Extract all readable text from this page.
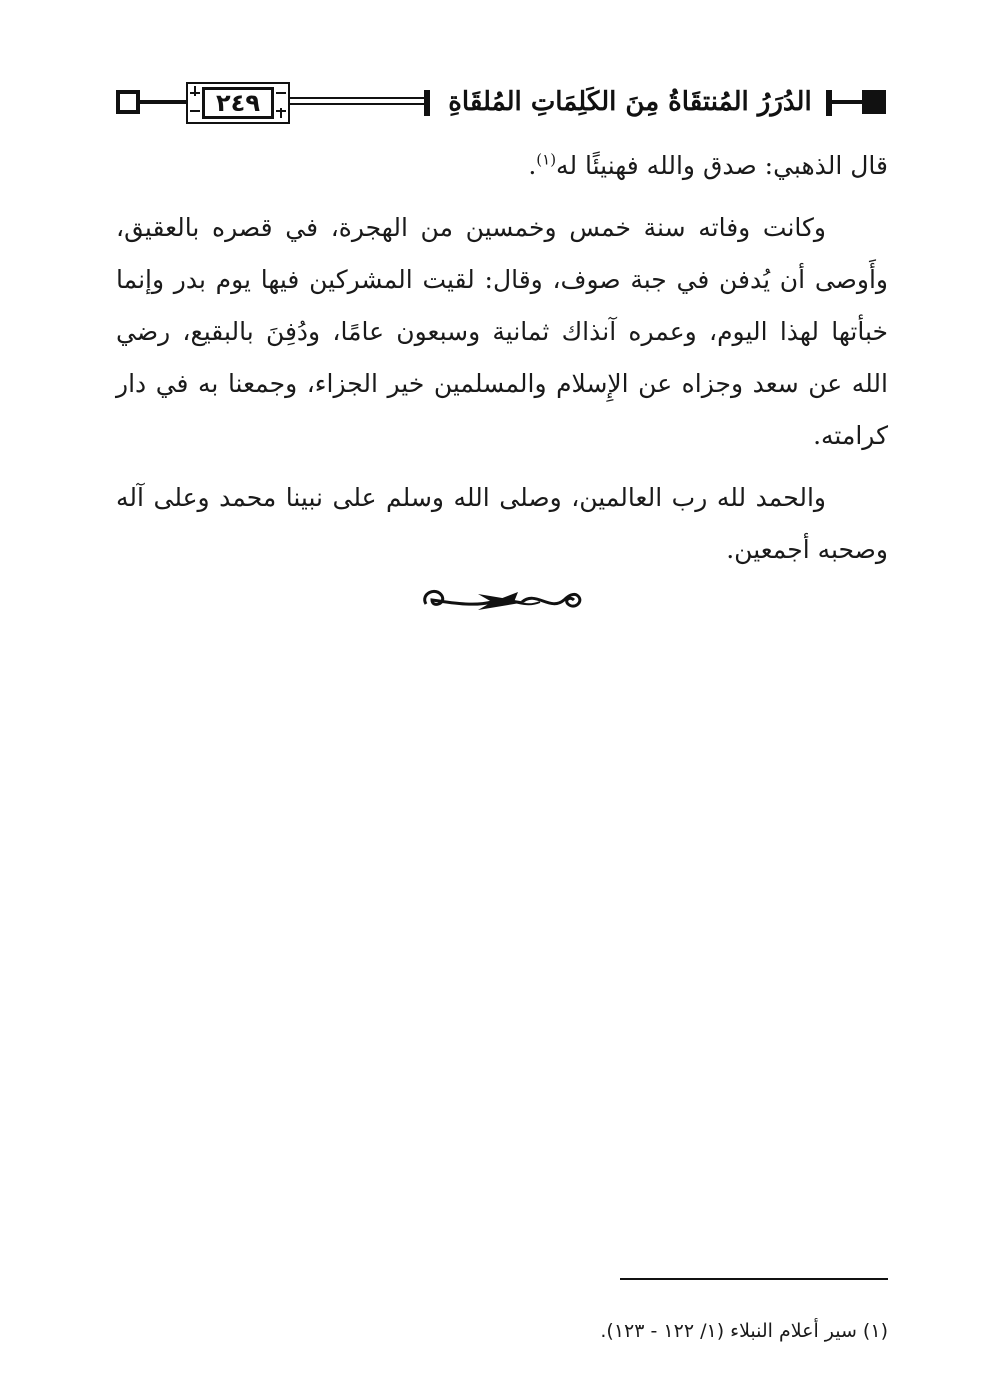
٢٤٩	الدُرَرُ المُنتقَاةُ مِنَ الكَلِمَاتِ المُلقَاةِ

قال الذهبي: صدق والله فهنيئًا له$^{(١)}$.

وكانت وفاته سنة خمس وخمسين من الهجرة، في قصره بالعقيق، وأَوصى أن يُدفن في جبة صوف، وقال: لقيت المشركين فيها يوم بدر وإنما خبأتها لهذا اليوم، وعمره آنذاك ثمانية وسبعون عامًا، ودُفِنَ بالبقيع، رضي الله عن سعد وجزاه عن الإِسلام والمسلمين خير الجزاء، وجمعنا به في دار كرامته.

والحمد لله رب العالمين، وصلى الله وسلم على نبينا محمد وعلى آله وصحبه أجمعين.

(١) سير أعلام النبلاء (١/ ١٢٢ - ١٢٣).
